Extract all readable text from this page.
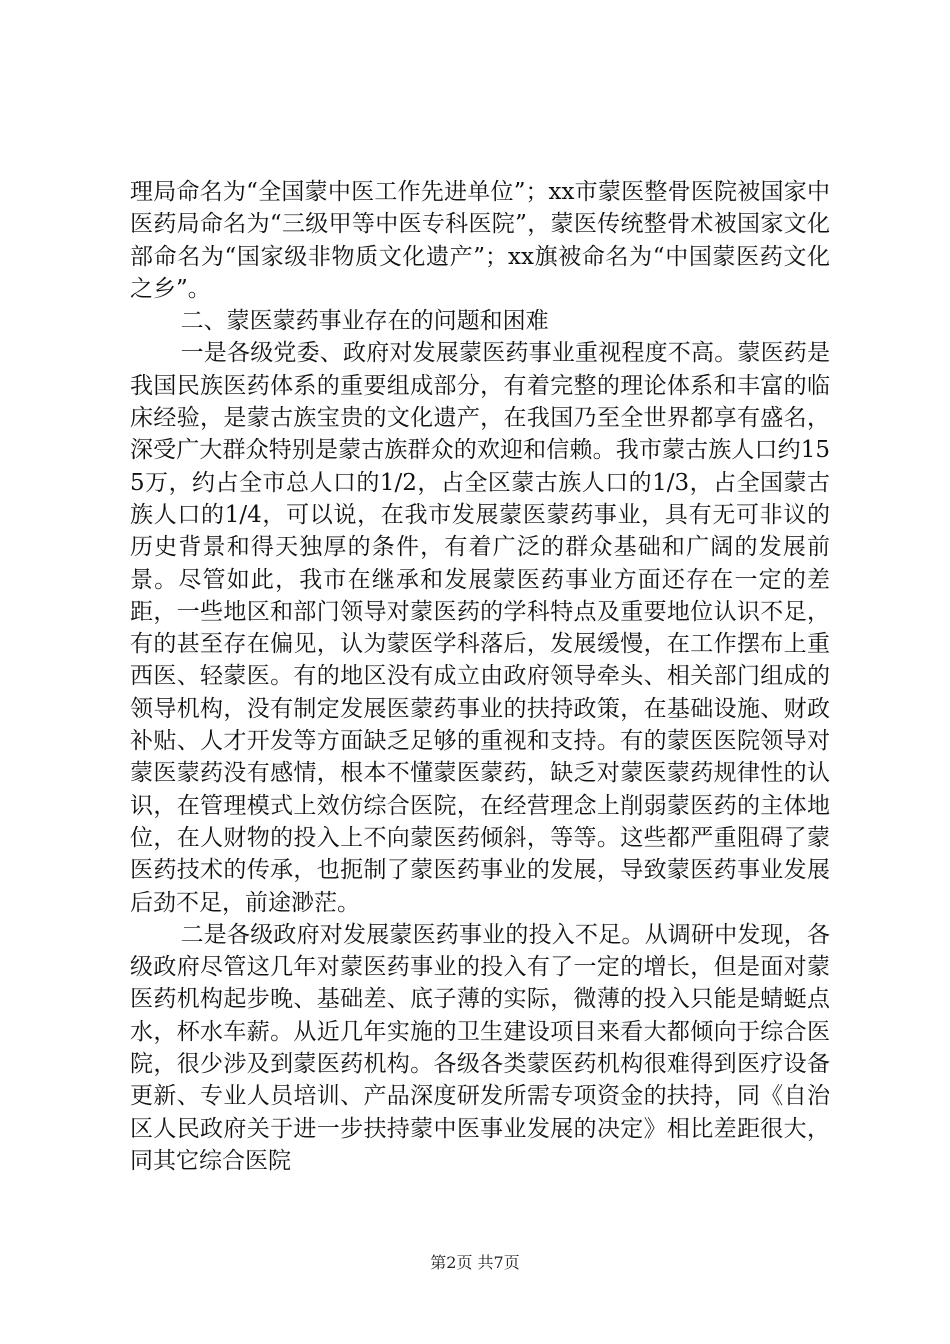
理局命名为“全国蒙中医工作先进单位”；xx市蒙医整骨医院被国家中医药局命名为“三级甲等中医专科医院”，蒙医传统整骨术被国家文化部命名为“国家级非物质文化遗产”；xx旗被命名为“中国蒙医药文化之乡”。

二、蒙医蒙药事业存在的问题和困难

一是各级党委、政府对发展蒙医药事业重视程度不高。蒙医药是我国民族医药体系的重要组成部分，有着完整的理论体系和丰富的临床经验，是蒙古族宝贵的文化遗产，在我国乃至全世界都享有盛名，深受广大群众特别是蒙古族群众的欢迎和信赖。我市蒙古族人口约155万，约占全市总人口的1/2，占全区蒙古族人口的1/3，占全国蒙古族人口的1/4，可以说，在我市发展蒙医蒙药事业，具有无可非议的历史背景和得天独厚的条件，有着广泛的群众基础和广阔的发展前景。尽管如此，我市在继承和发展蒙医药事业方面还存在一定的差距，一些地区和部门领导对蒙医药的学科特点及重要地位认识不足，有的甚至存在偏见，认为蒙医学科落后，发展缓慢，在工作摆布上重西医、轻蒙医。有的地区没有成立由政府领导牵头、相关部门组成的领导机构，没有制定发展医蒙药事业的扶持政策，在基础设施、财政补贴、人才开发等方面缺乏足够的重视和支持。有的蒙医医院领导对蒙医蒙药没有感情，根本不懂蒙医蒙药，缺乏对蒙医蒙药规律性的认识，在管理模式上效仿综合医院，在经营理念上削弱蒙医药的主体地位，在人财物的投入上不向蒙医药倾斜，等等。这些都严重阻碍了蒙医药技术的传承，也扼制了蒙医药事业的发展，导致蒙医药事业发展后劲不足，前途渺茫。

二是各级政府对发展蒙医药事业的投入不足。从调研中发现，各级政府尽管这几年对蒙医药事业的投入有了一定的增长，但是面对蒙医药机构起步晚、基础差、底子薄的实际，微薄的投入只能是蜻蜓点水，杯水车薪。从近几年实施的卫生建设项目来看大都倾向于综合医院，很少涉及到蒙医药机构。各级各类蒙医药机构很难得到医疗设备更新、专业人员培训、产品深度研发所需专项资金的扶持，同《自治区人民政府关于进一步扶持蒙中医事业发展的决定》相比差距很大，同其它综合医院

第2页 共7页
